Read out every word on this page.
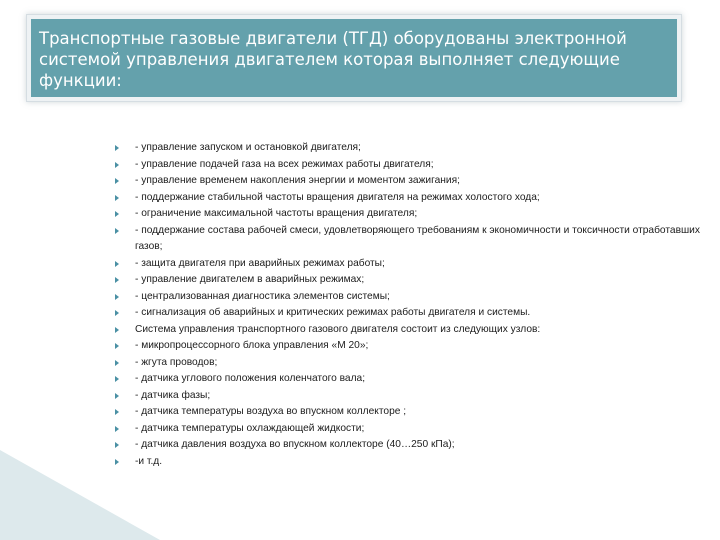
Транспортные газовые двигатели (ТГД) оборудованы электронной системой управления двигателем которая выполняет следующие функции:
- управление запуском и остановкой двигателя;
- управление подачей газа на всех режимах работы двигателя;
- управление временем накопления энергии и моментом зажигания;
- поддержание стабильной частоты вращения двигателя на режимах холостого хода;
- ограничение максимальной частоты вращения двигателя;
- поддержание состава рабочей смеси, удовлетворяющего требованиям к экономичности и токсичности отработавших газов;
- защита двигателя при аварийных режимах работы;
- управление двигателем в аварийных режимах;
- централизованная диагностика элементов системы;
- сигнализация об аварийных и критических режимах работы двигателя и системы.
Система управления транспортного газового двигателя состоит из следующих узлов:
- микропроцессорного блока управления «М 20»;
- жгута проводов;
- датчика углового положения коленчатого вала;
- датчика фазы;
- датчика температуры воздуха во впускном коллекторе ;
- датчика температуры охлаждающей жидкости;
- датчика давления воздуха во впускном коллекторе (40…250 кПа);
-и т.д.
